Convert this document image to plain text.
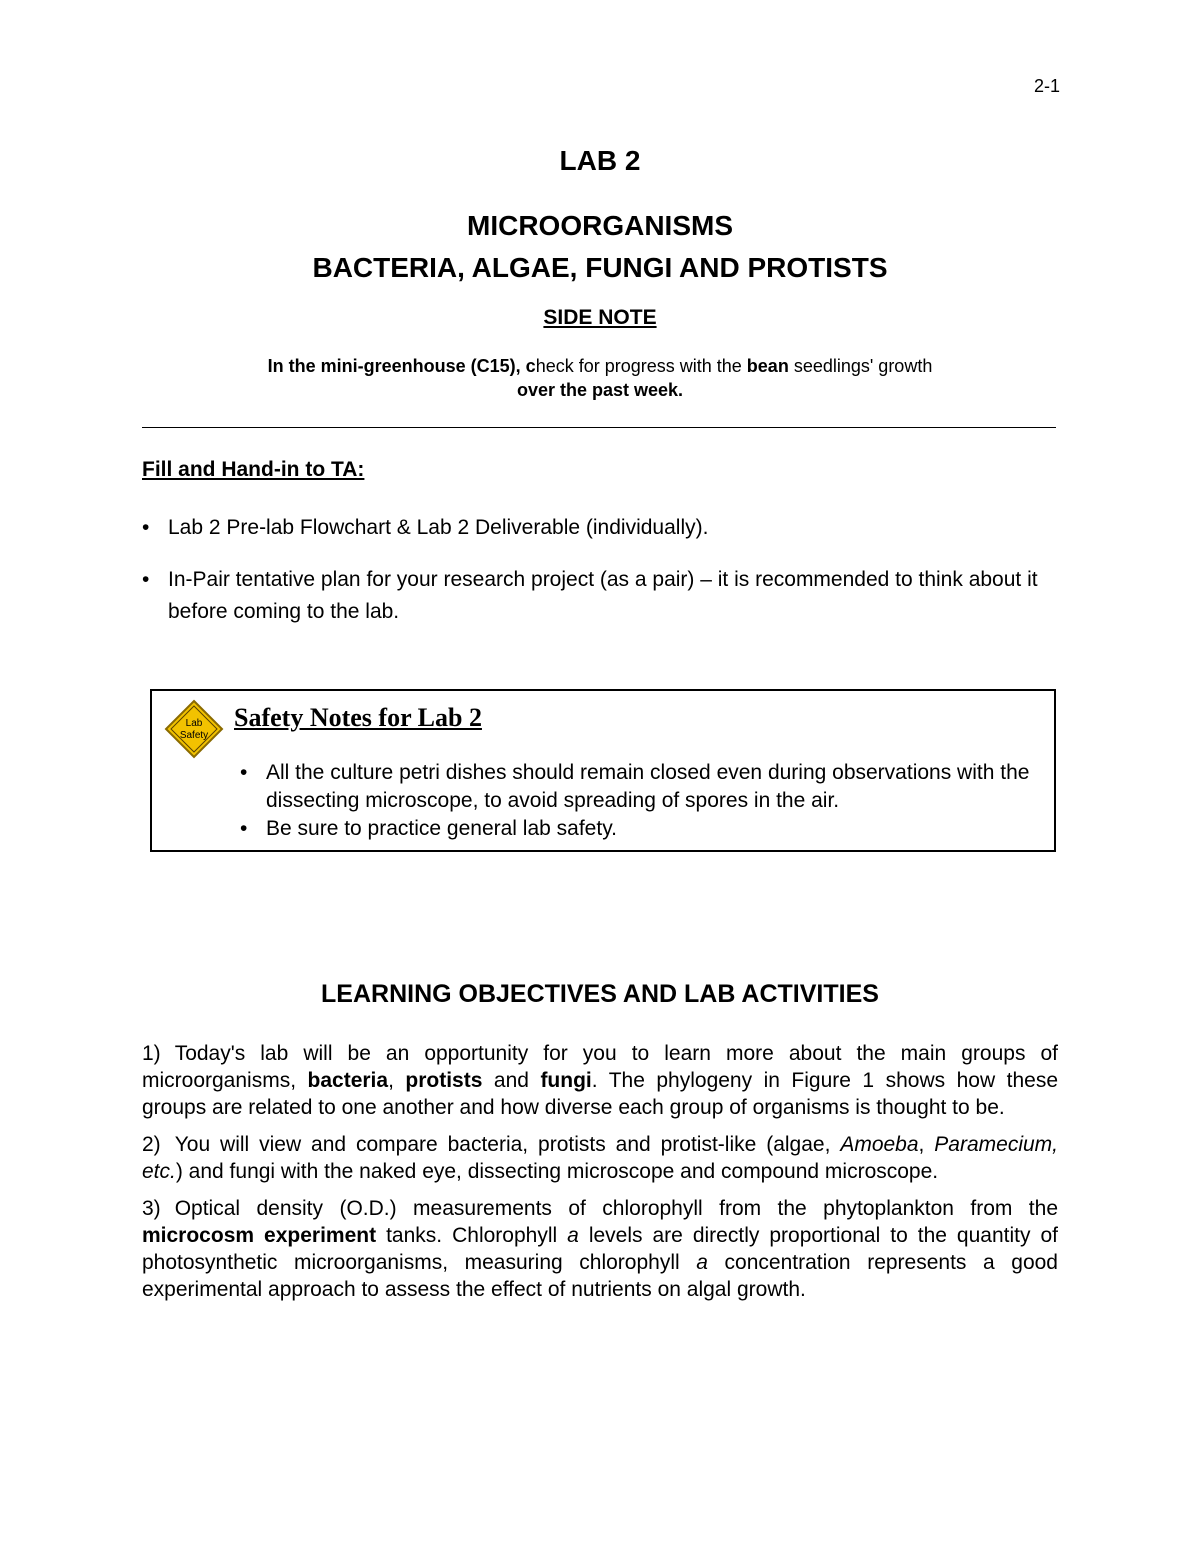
2-1
LAB 2
MICROORGANISMS
BACTERIA, ALGAE, FUNGI AND PROTISTS

SIDE NOTE

In the mini-greenhouse (C15), check for progress with the bean seedlings' growth
over the past week.

Fill and Hand-in to TA:

• Lab 2 Pre-lab Flowchart & Lab 2 Deliverable (individually).
• In-Pair tentative plan for your research project (as a pair) – it is recommended to think about it before coming to the lab.
Lab
Safety

Safety Notes for Lab 2

• All the culture petri dishes should remain closed even during observations with the dissecting microscope, to avoid spreading of spores in the air.
• Be sure to practice general lab safety.
LEARNING OBJECTIVES AND LAB ACTIVITIES

1) Today's lab will be an opportunity for you to learn more about the main groups of microorganisms, bacteria, protists and fungi. The phylogeny in Figure 1 shows how these groups are related to one another and how diverse each group of organisms is thought to be.

2) You will view and compare bacteria, protists and protist-like (algae, Amoeba, Paramecium, etc.) and fungi with the naked eye, dissecting microscope and compound microscope.

3) Optical density (O.D.) measurements of chlorophyll from the phytoplankton from the microcosm experiment tanks. Chlorophyll a levels are directly proportional to the quantity of photosynthetic microorganisms, measuring chlorophyll a concentration represents a good experimental approach to assess the effect of nutrients on algal growth.
